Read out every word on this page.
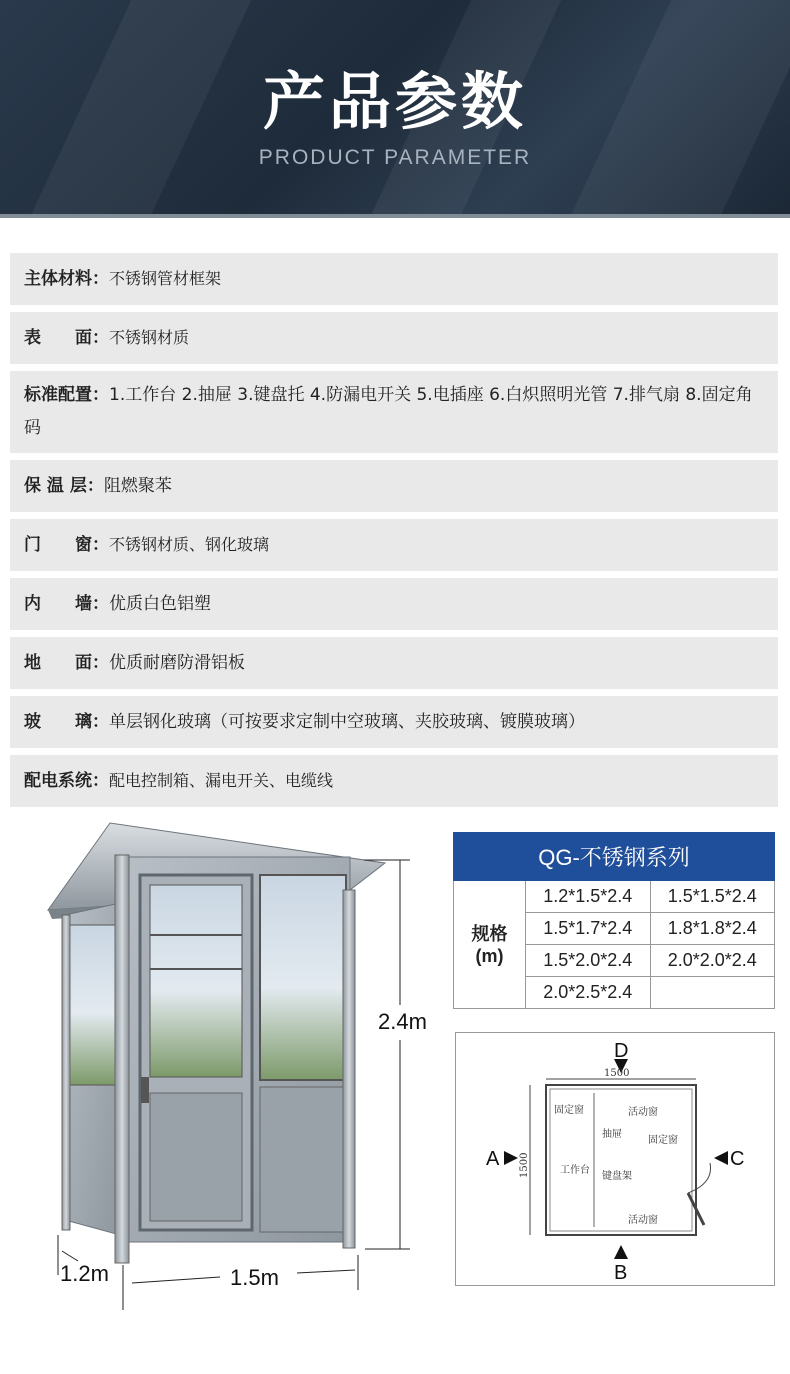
产品参数
PRODUCT PARAMETER
主体材料：不锈钢管材框架
表　　面：不锈钢材质
标准配置：1.工作台 2.抽屉 3.键盘托 4.防漏电开关 5.电插座 6.白炽照明光管 7.排气扇 8.固定角码
保 温 层：阻燃聚苯
门　　窗：不锈钢材质、钢化玻璃
内　　墙：优质白色铝塑
地　　面：优质耐磨防滑铝板
玻　　璃：单层钢化玻璃（可按要求定制中空玻璃、夹胶玻璃、镀膜玻璃）
配电系统：配电控制箱、漏电开关、电缆线
2.4m
1.2m	1.5m
QG-不锈钢系列		

规格
(m)	1.2*1.5*2.4	1.5*1.5*2.4
	1.5*1.7*2.4	1.8*1.8*2.4
	1.5*2.0*2.4	2.0*2.0*2.4
	2.0*2.5*2.4	
D
B
A	C
1500
1500
固定窗	活动窗
抽屉
固定窗
工作台
键盘架
活动窗
